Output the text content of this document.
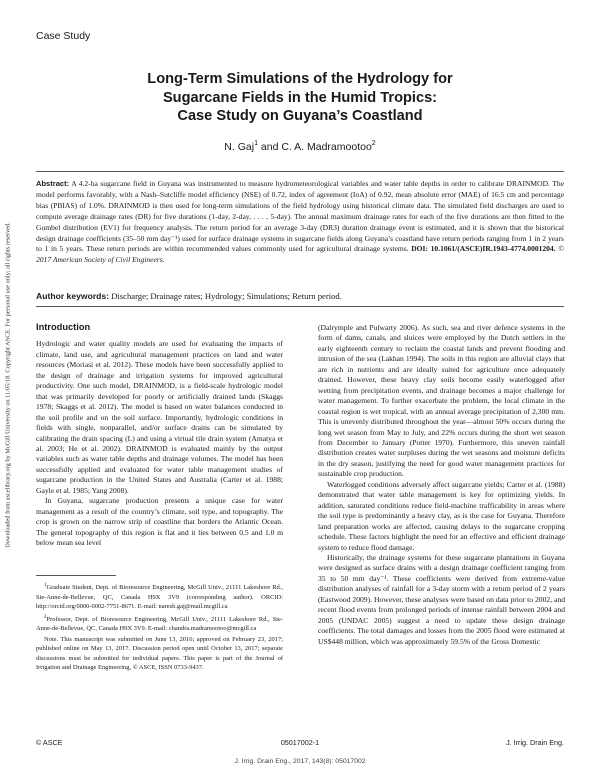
Case Study
Long-Term Simulations of the Hydrology for
Sugarcane Fields in the Humid Tropics:
Case Study on Guyana’s Coastland
N. Gaj$^1$ and C. A. Madramootoo$^2$

Abstract: A 4.2-ha sugarcane field in Guyana was instrumented to measure hydrometeorological variables and water table depths in order to calibrate DRAINMOD. The model performs favorably, with a Nash–Sutcliffe model efficiency (NSE) of 0.72, index of agreement (IoA) of 0.92, mean absolute error (MAE) of 16.5 cm and percentage bias (PBIAS) of 1.0%. DRAINMOD is then used for long-term simulations of the field hydrology using historical climate data. The simulated field discharges are used to compute average drainage rates (DR) for five durations (1-day, 2-day, . . . , 5-day). The annual maximum drainage rates for each of the five durations are then fitted to the Gumbel distribution (EV1) for frequency analysis. The return period for an average 3-day (DR3) duration drainage event is estimated, and it is shown that the historical design drainage coefficients (35–50 mm day⁻¹) used for surface drainage systems in sugarcane fields along Guyana’s coastland have return periods ranging from 1 in 2 years to 1 in 5 years. These return periods are within recommended values commonly used for agricultural drainage systems. DOI: 10.1061/(ASCE)IR.1943-4774.0001204. © 2017 American Society of Civil Engineers.

Author keywords: Discharge; Drainage rates; Hydrology; Simulations; Return period.

Downloaded from ascelibrary.org by McGill University on 11/05/18. Copyright ASCE. For personal use only; all rights reserved.	Introduction

Hydrologic and water quality models are used for evaluating the impacts of climate, land use, and agricultural management practices on land and water resources (Moriasi et al. 2012). These models have been successfully applied to the design of drainage and irrigation systems for improved agricultural productivity. One such model, DRAINMOD, is a field-scale hydrologic model that was primarily developed for poorly or artificially drained lands (Skaggs 1978; Skaggs et al. 2012). The model is based on water balances conducted in the soil profile and on the soil surface. Importantly, hydrologic conditions in fields with single, nonparallel, and/or surface drains can be simulated by calibrating the drain spacing (L) and using a virtual tile drain system (Amatya et al. 2003; He et al. 2002). DRAINMOD is evaluated mainly by the output variables such as water table depths and drainage volumes. The model has been successfully applied and evaluated for water table management studies of sugarcane production in the United States and Australia (Carter et al. 1988; Gayle et al. 1985; Yang 2008).

In Guyana, sugarcane production presents a unique case for water management as a result of the country’s climate, soil type, and topography. The crop is grown on the narrow strip of coastline that borders the Atlantic Ocean. The general topography of this region is flat and it lies between 0.5 and 1.0 m below mean sea level

(Dalrymple and Pulwarty 2006). As such, sea and river defence systems in the form of dams, canals, and sluices were employed by the Dutch settlers in the early eighteenth century to reclaim the coastal lands and prevent flooding and intrusion of the sea (Lakhan 1994). The soils in this region are alluvial clays that are rich in nutrients and are ideally suited for agriculture once adequately drained. However, these heavy clay soils become easily waterlogged after wetting from precipitation events, and drainage becomes a major challenge for water management. To further exacerbate the problem, the local climate in the coastal region is wet tropical, with an annual average precipitation of 2,300 mm. This is unevenly distributed throughout the year—almost 50% occurs during the long wet season from May to July, and 22% occurs during the short wet season from December to January (Potter 1970). Furthermore, this uneven rainfall distribution creates water surpluses during the wet seasons and moisture deficits in the dry season, justifying the need for good water management practices for sustainable crop production.

Waterlogged conditions adversely affect sugarcane yields; Carter et al. (1988) demonstrated that water table management is key for optimizing yields. In addition, saturated conditions reduce field-machine trafficability in areas where the soil type is predominantly a heavy clay, as is the case for Guyana. Therefore land preparation works are affected, causing delays to the sugarcane cropping schedule. These factors highlight the need for an effective and efficient drainage system to reduce flood damage.

Historically, the drainage systems for these sugarcane plantations in Guyana were designed as surface drains with a design drainage coefficient ranging from 35 to 50 mm day⁻¹. These coefficients were derived from extreme-value distribution analyses of rainfall for a 3-day storm with a return period of 2 years (Eastwood 2009). However, these analyses were based on data prior to 2002, and recent flood events from prolonged periods of intense rainfall between 2004 and 2005 (UNDAC 2005) suggest a need to update these design drainage coefficients. The total damages and losses from the 2005 flood were estimated at US$448 million, which was approximately 59.5% of the Gross Domestic

$^1$Graduate Student, Dept. of Bioresource Engineering, McGill Univ., 21111 Lakeshore Rd., Ste-Anne-de-Bellevue, QC, Canada H9X 3V9 (corresponding author). ORCID: http://orcid.org/0000-0002-7751-8671. E-mail: naresh.gaj@mail.mcgill.ca

$^2$Professor, Dept. of Bioresource Engineering, McGill Univ., 21111 Lakeshore Rd., Ste-Anne-de-Bellevue, QC, Canada H9X 3V9. E-mail: chandra.madramootoo@mcgill.ca

Note. This manuscript was submitted on June 13, 2016; approved on February 23, 2017; published online on May 13, 2017. Discussion period open until October 13, 2017; separate discussions must be submitted for individual papers. This paper is part of the Journal of Irrigation and Drainage Engineering, © ASCE, ISSN 0733-9437.

© ASCE	05017002-1	J. Irrig. Drain Eng.
J. Irrig. Drain Eng., 2017, 143(8): 05017002
